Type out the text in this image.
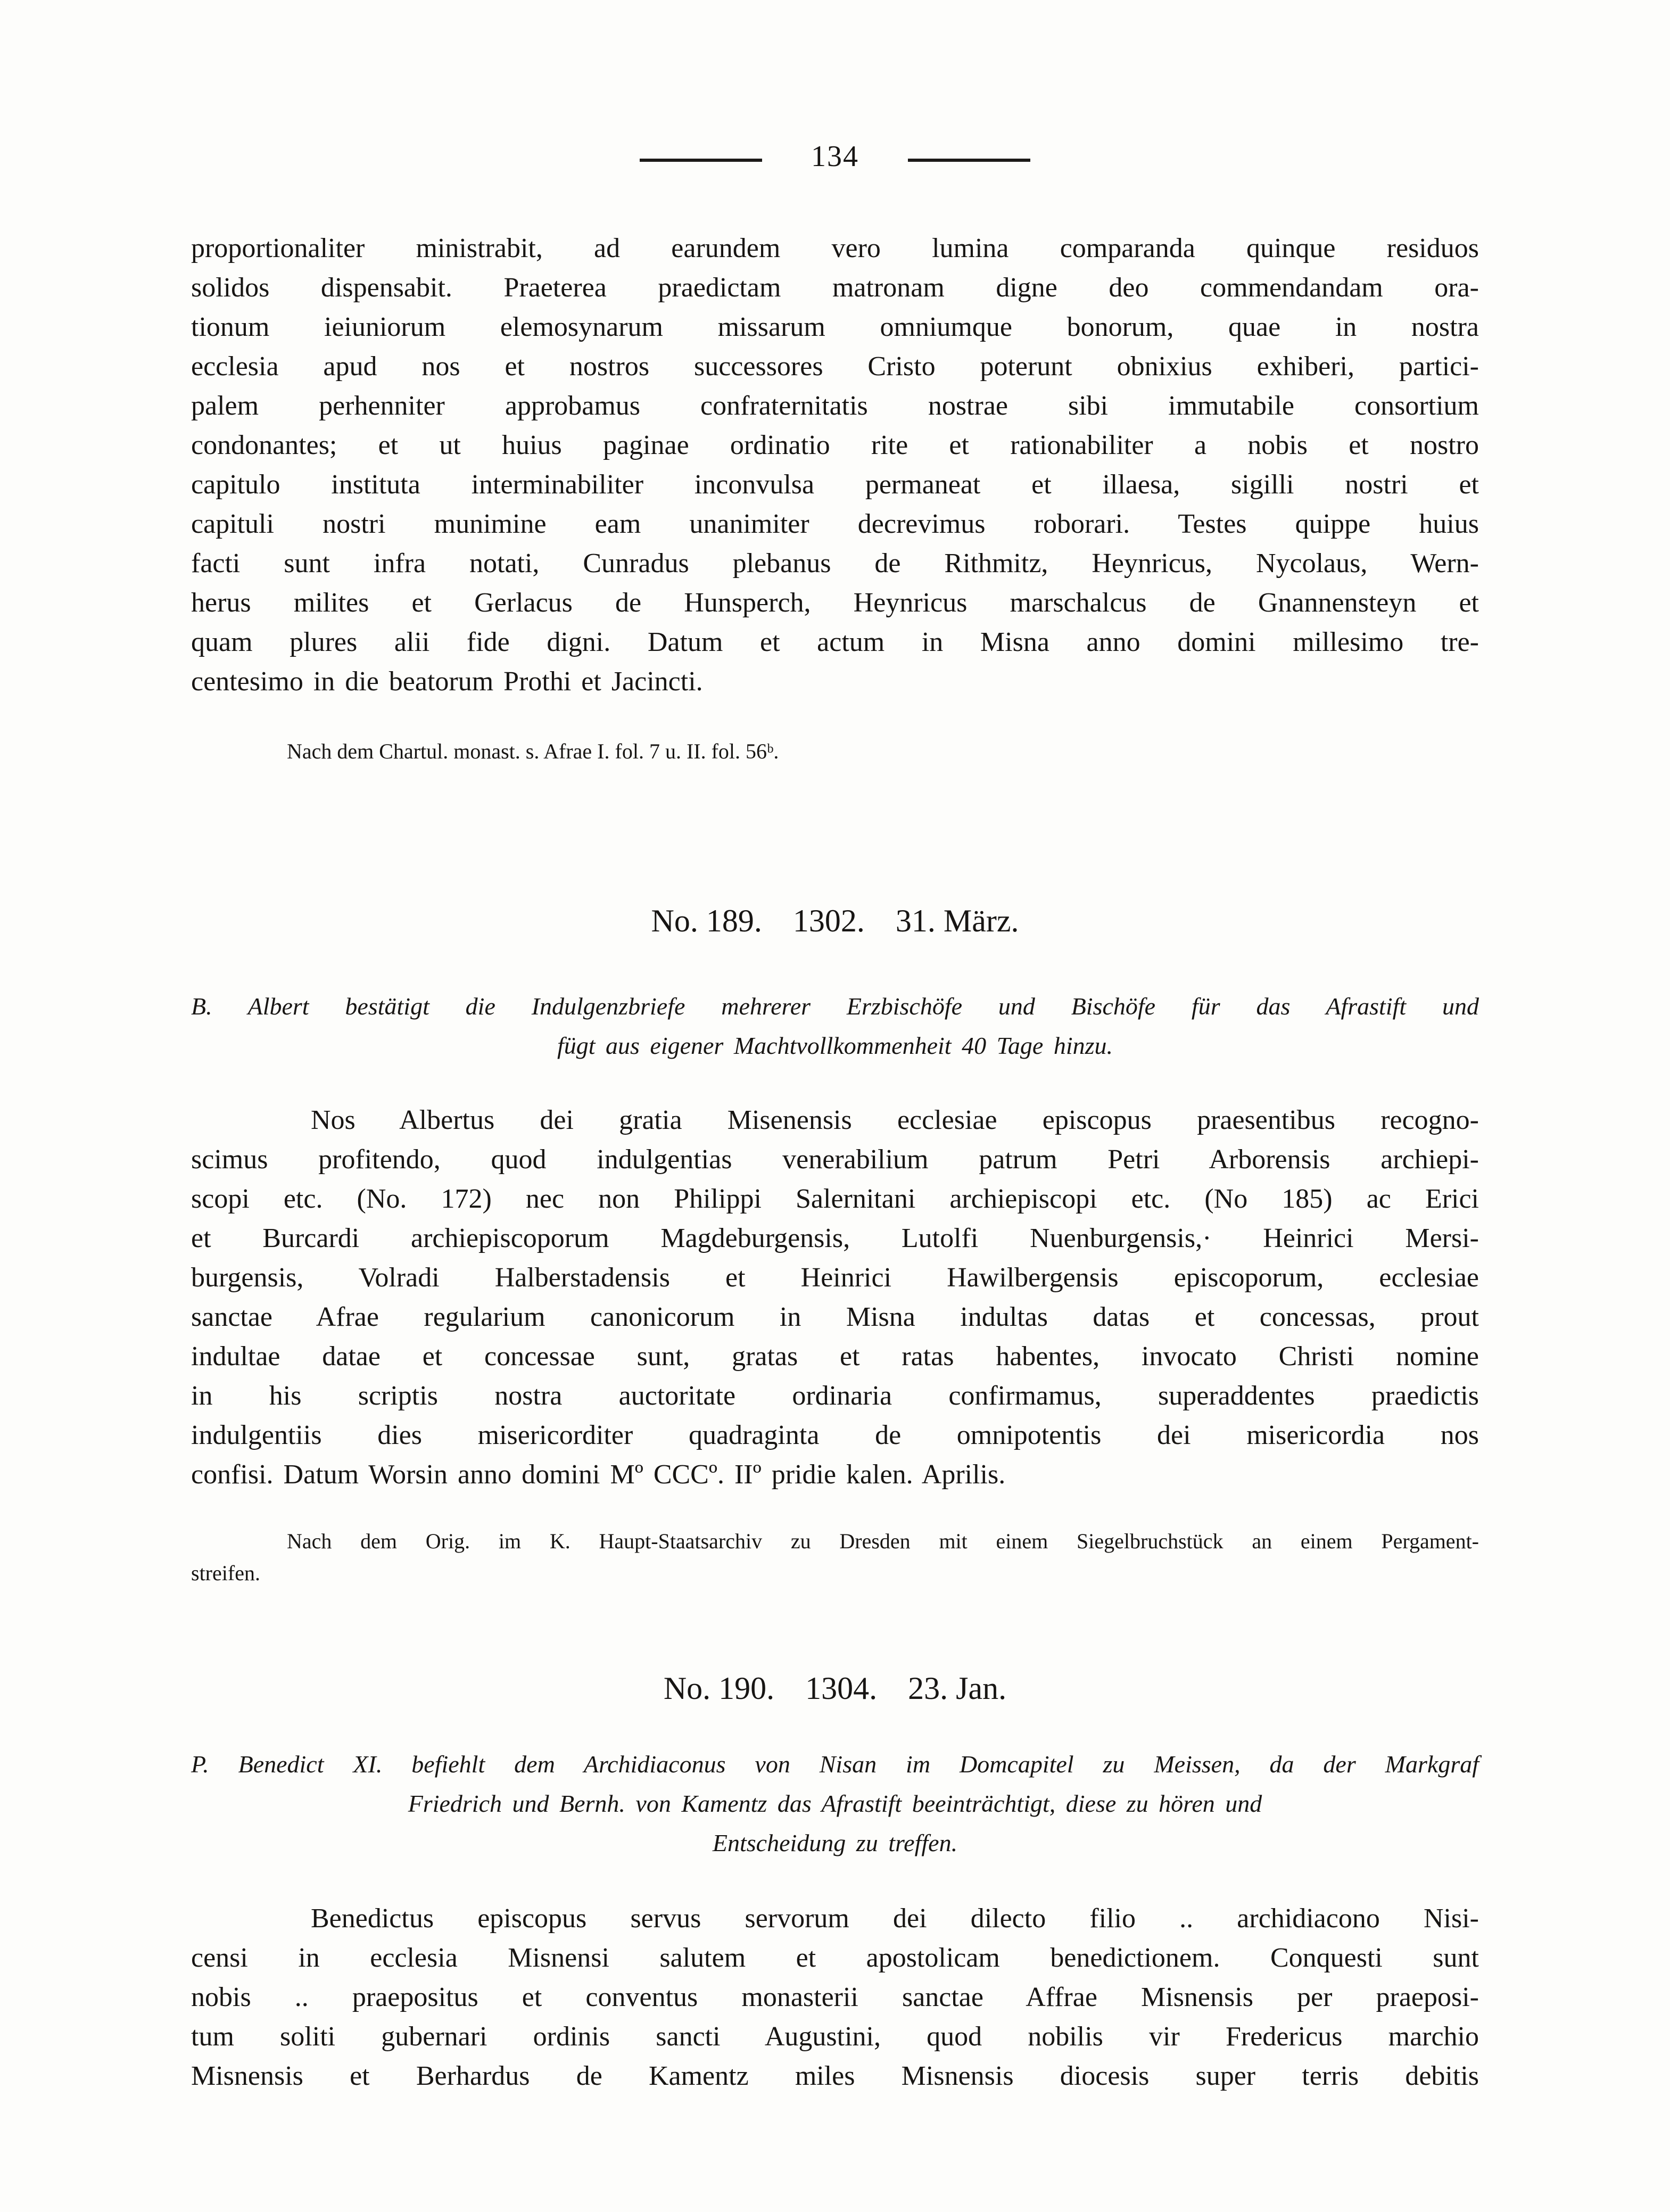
134
proportionaliter ministrabit, ad earundem vero lumina comparanda quinque residuos
solidos dispensabit. Praeterea praedictam matronam digne deo commendandam ora-
tionum ieiuniorum elemosynarum missarum omniumque bonorum, quae in nostra
ecclesia apud nos et nostros successores Cristo poterunt obnixius exhiberi, partici-
palem perhenniter approbamus confraternitatis nostrae sibi immutabile consortium
condonantes; et ut huius paginae ordinatio rite et rationabiliter a nobis et nostro
capitulo instituta interminabiliter inconvulsa permaneat et illaesa, sigilli nostri et
capituli nostri munimine eam unanimiter decrevimus roborari. Testes quippe huius
facti sunt infra notati, Cunradus plebanus de Rithmitz, Heynricus, Nycolaus, Wern-
herus milites et Gerlacus de Hunsperch, Heynricus marschalcus de Gnannensteyn et
quam plures alii fide digni. Datum et actum in Misna anno domini millesimo tre-
centesimo in die beatorum Prothi et Jacincti.
Nach dem Chartul. monast. s. Afrae I. fol. 7 u. II. fol. 56ᵇ.
No. 189. 1302. 31. März.
B. Albert bestätigt die Indulgenzbriefe mehrerer Erzbischöfe und Bischöfe für das Afrastift und
fügt aus eigener Machtvollkommenheit 40 Tage hinzu.
Nos Albertus dei gratia Misenensis ecclesiae episcopus praesentibus recogno-
scimus profitendo, quod indulgentias venerabilium patrum Petri Arborensis archiepi-
scopi etc. (No. 172) nec non Philippi Salernitani archiepiscopi etc. (No 185) ac Erici
et Burcardi archiepiscoporum Magdeburgensis, Lutolfi Nuenburgensis,· Heinrici Mersi-
burgensis, Volradi Halberstadensis et Heinrici Hawilbergensis episcoporum, ecclesiae
sanctae Afrae regularium canonicorum in Misna indultas datas et concessas, prout
indultae datae et concessae sunt, gratas et ratas habentes, invocato Christi nomine
in his scriptis nostra auctoritate ordinaria confirmamus, superaddentes praedictis
indulgentiis dies misericorditer quadraginta de omnipotentis dei misericordia nos
confisi. Datum Worsin anno domini Mº CCCº. IIº pridie kalen. Aprilis.
Nach dem Orig. im K. Haupt-Staatsarchiv zu Dresden mit einem Siegelbruchstück an einem Pergament-
streifen.
No. 190. 1304. 23. Jan.
P. Benedict XI. befiehlt dem Archidiaconus von Nisan im Domcapitel zu Meissen, da der Markgraf
Friedrich und Bernh. von Kamentz das Afrastift beeinträchtigt, diese zu hören und
Entscheidung zu treffen.
Benedictus episcopus servus servorum dei dilecto filio .. archidiacono Nisi-
censi in ecclesia Misnensi salutem et apostolicam benedictionem. Conquesti sunt
nobis .. praepositus et conventus monasterii sanctae Affrae Misnensis per praeposi-
tum soliti gubernari ordinis sancti Augustini, quod nobilis vir Fredericus marchio
Misnensis et Berhardus de Kamentz miles Misnensis diocesis super terris debitis
